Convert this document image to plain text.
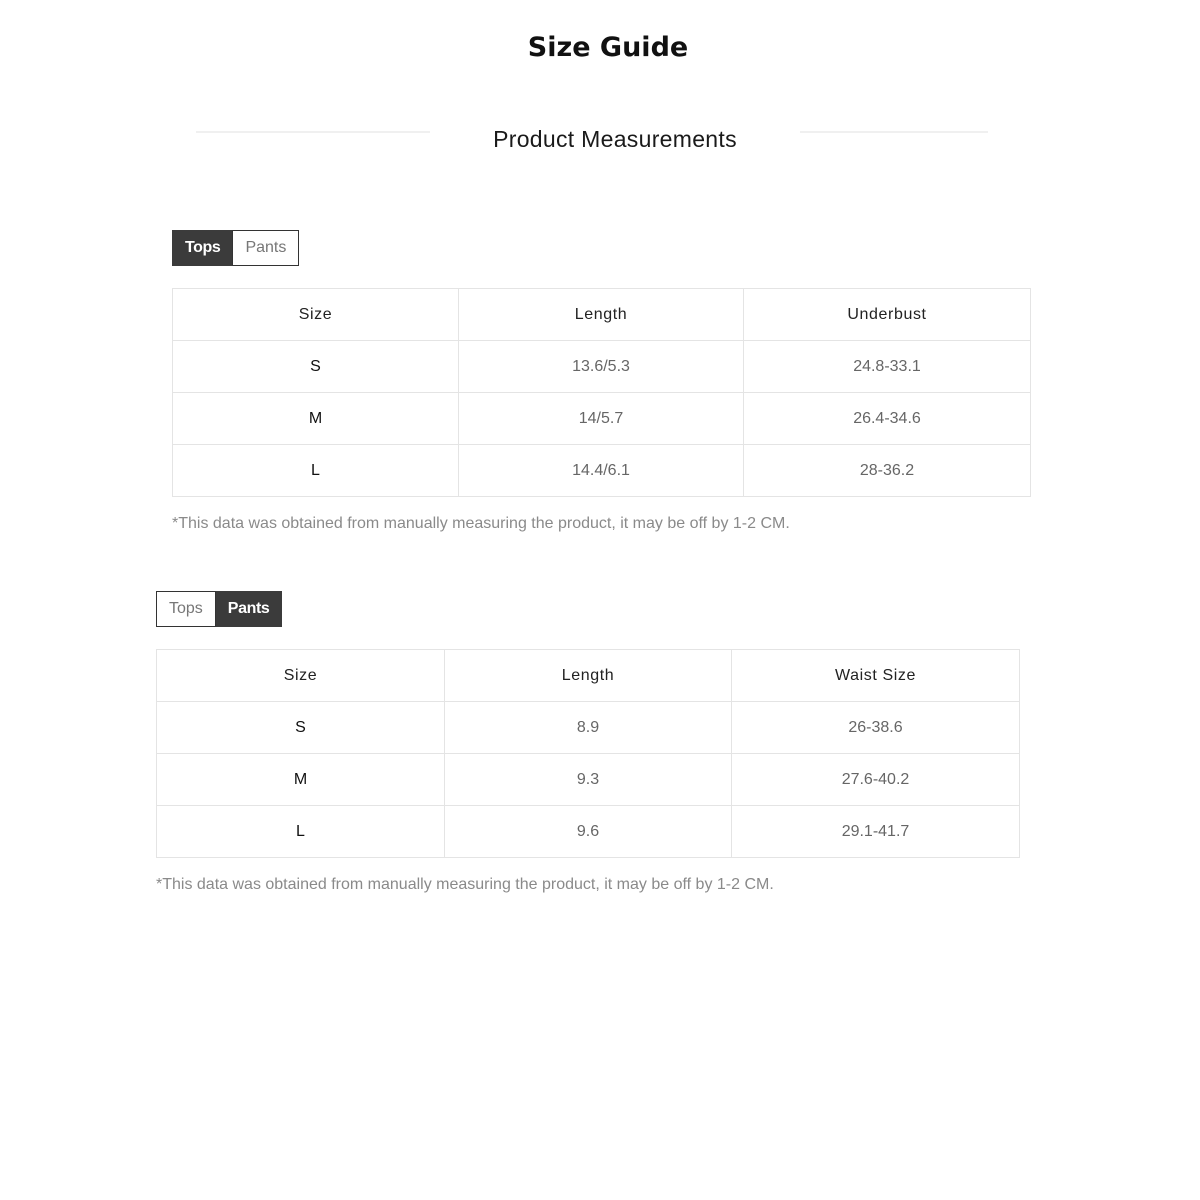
Size Guide
Product Measurements
Tops	Pants
Size	Length	Underbust
S	13.6/5.3	24.8-33.1
M	14/5.7	26.4-34.6
L	14.4/6.1	28-36.2
*This data was obtained from manually measuring the product, it may be off by 1-2 CM.
Tops	Pants
Size	Length	Waist Size
S	8.9	26-38.6
M	9.3	27.6-40.2
L	9.6	29.1-41.7
*This data was obtained from manually measuring the product, it may be off by 1-2 CM.
